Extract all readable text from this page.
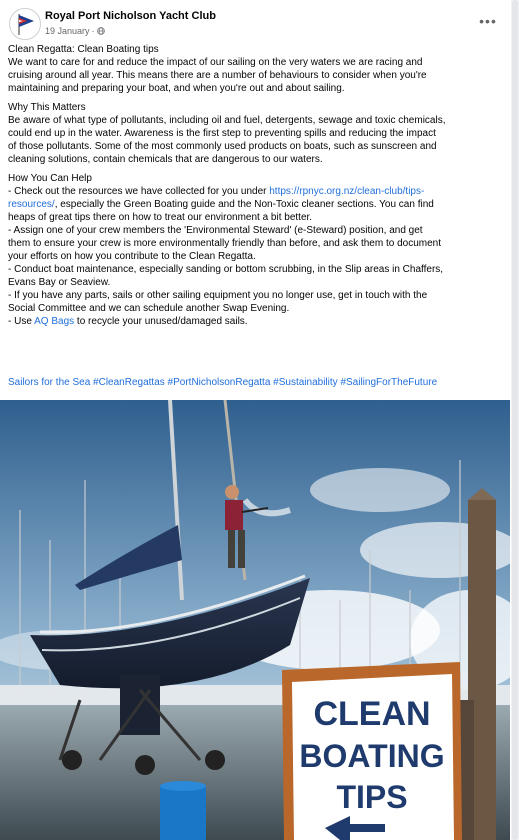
Royal Port Nicholson Yacht Club
19 January ·
•••
Clean Regatta: Clean Boating tips
We want to care for and reduce the impact of our sailing on the very waters we are racing and
cruising around all year. This means there are a number of behaviours to consider when you're
maintaining and preparing your boat, and when you're out and about sailing.
Why This Matters
Be aware of what type of pollutants, including oil and fuel, detergents, sewage and toxic chemicals,
could end up in the water. Awareness is the first step to preventing spills and reducing the impact
of those pollutants. Some of the most commonly used products on boats, such as sunscreen and
cleaning solutions, contain chemicals that are dangerous to our waters.
How You Can Help
- Check out the resources we have collected for you under https://rpnyc.org.nz/clean-club/tips-
resources/, especially the Green Boating guide and the Non-Toxic cleaner sections. You can find
heaps of great tips there on how to treat our environment a bit better.
- Assign one of your crew members the 'Environmental Steward' (e-Steward) position, and get
them to ensure your crew is more environmentally friendly than before, and ask them to document
your efforts on how you contribute to the Clean Regatta.
- Conduct boat maintenance, especially sanding or bottom scrubbing, in the Slip areas in Chaffers,
Evans Bay or Seaview.
- If you have any parts, sails or other sailing equipment you no longer use, get in touch with the
Social Committee and we can schedule another Swap Evening.
- Use AQ Bags to recycle your unused/damaged sails.
Sailors for the Sea #CleanRegattas #PortNicholsonRegatta #Sustainability #SailingForTheFuture
CLEAN
BOATING
TIPS
